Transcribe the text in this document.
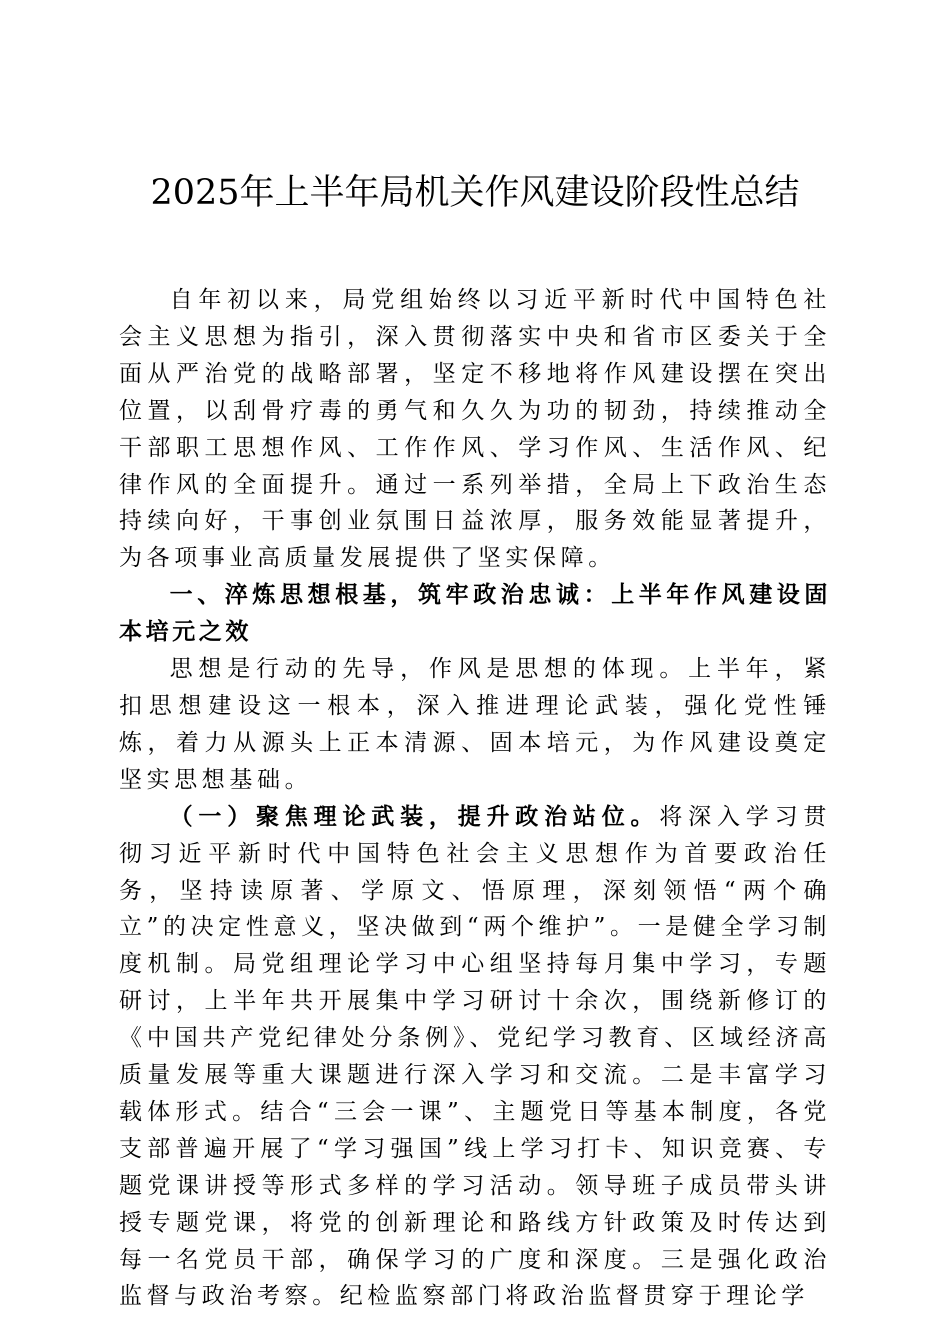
2025年上半年局机关作风建设阶段性总结

自年初以来，局党组始终以习近平新时代中国特色社会主义思想为指引，深入贯彻落实中央和省市区委关于全面从严治党的战略部署，坚定不移地将作风建设摆在突出位置，以刮骨疗毒的勇气和久久为功的韧劲，持续推动全干部职工思想作风、工作作风、学习作风、生活作风、纪律作风的全面提升。通过一系列举措，全局上下政治生态持续向好，干事创业氛围日益浓厚，服务效能显著提升，为各项事业高质量发展提供了坚实保障。

一、淬炼思想根基，筑牢政治忠诚：上半年作风建设固本培元之效

思想是行动的先导，作风是思想的体现。上半年，紧扣思想建设这一根本，深入推进理论武装，强化党性锤炼，着力从源头上正本清源、固本培元，为作风建设奠定坚实思想基础。

（一）聚焦理论武装，提升政治站位。将深入学习贯彻习近平新时代中国特色社会主义思想作为首要政治任务，坚持读原著、学原文、悟原理，深刻领悟“两个确立”的决定性意义，坚决做到“两个维护”。一是健全学习制度机制。局党组理论学习中心组坚持每月集中学习，专题研讨，上半年共开展集中学习研讨十余次，围绕新修订的《中国共产党纪律处分条例》、党纪学习教育、区域经济高质量发展等重大课题进行深入学习和交流。二是丰富学习载体形式。结合“三会一课”、主题党日等基本制度，各党支部普遍开展了“学习强国”线上学习打卡、知识竞赛、专题党课讲授等形式多样的学习活动。领导班子成员带头讲授专题党课，将党的创新理论和路线方针政策及时传达到每一名党员干部，确保学习的广度和深度。三是强化政治监督与政治考察。纪检监察部门将政治监督贯穿于理论学
